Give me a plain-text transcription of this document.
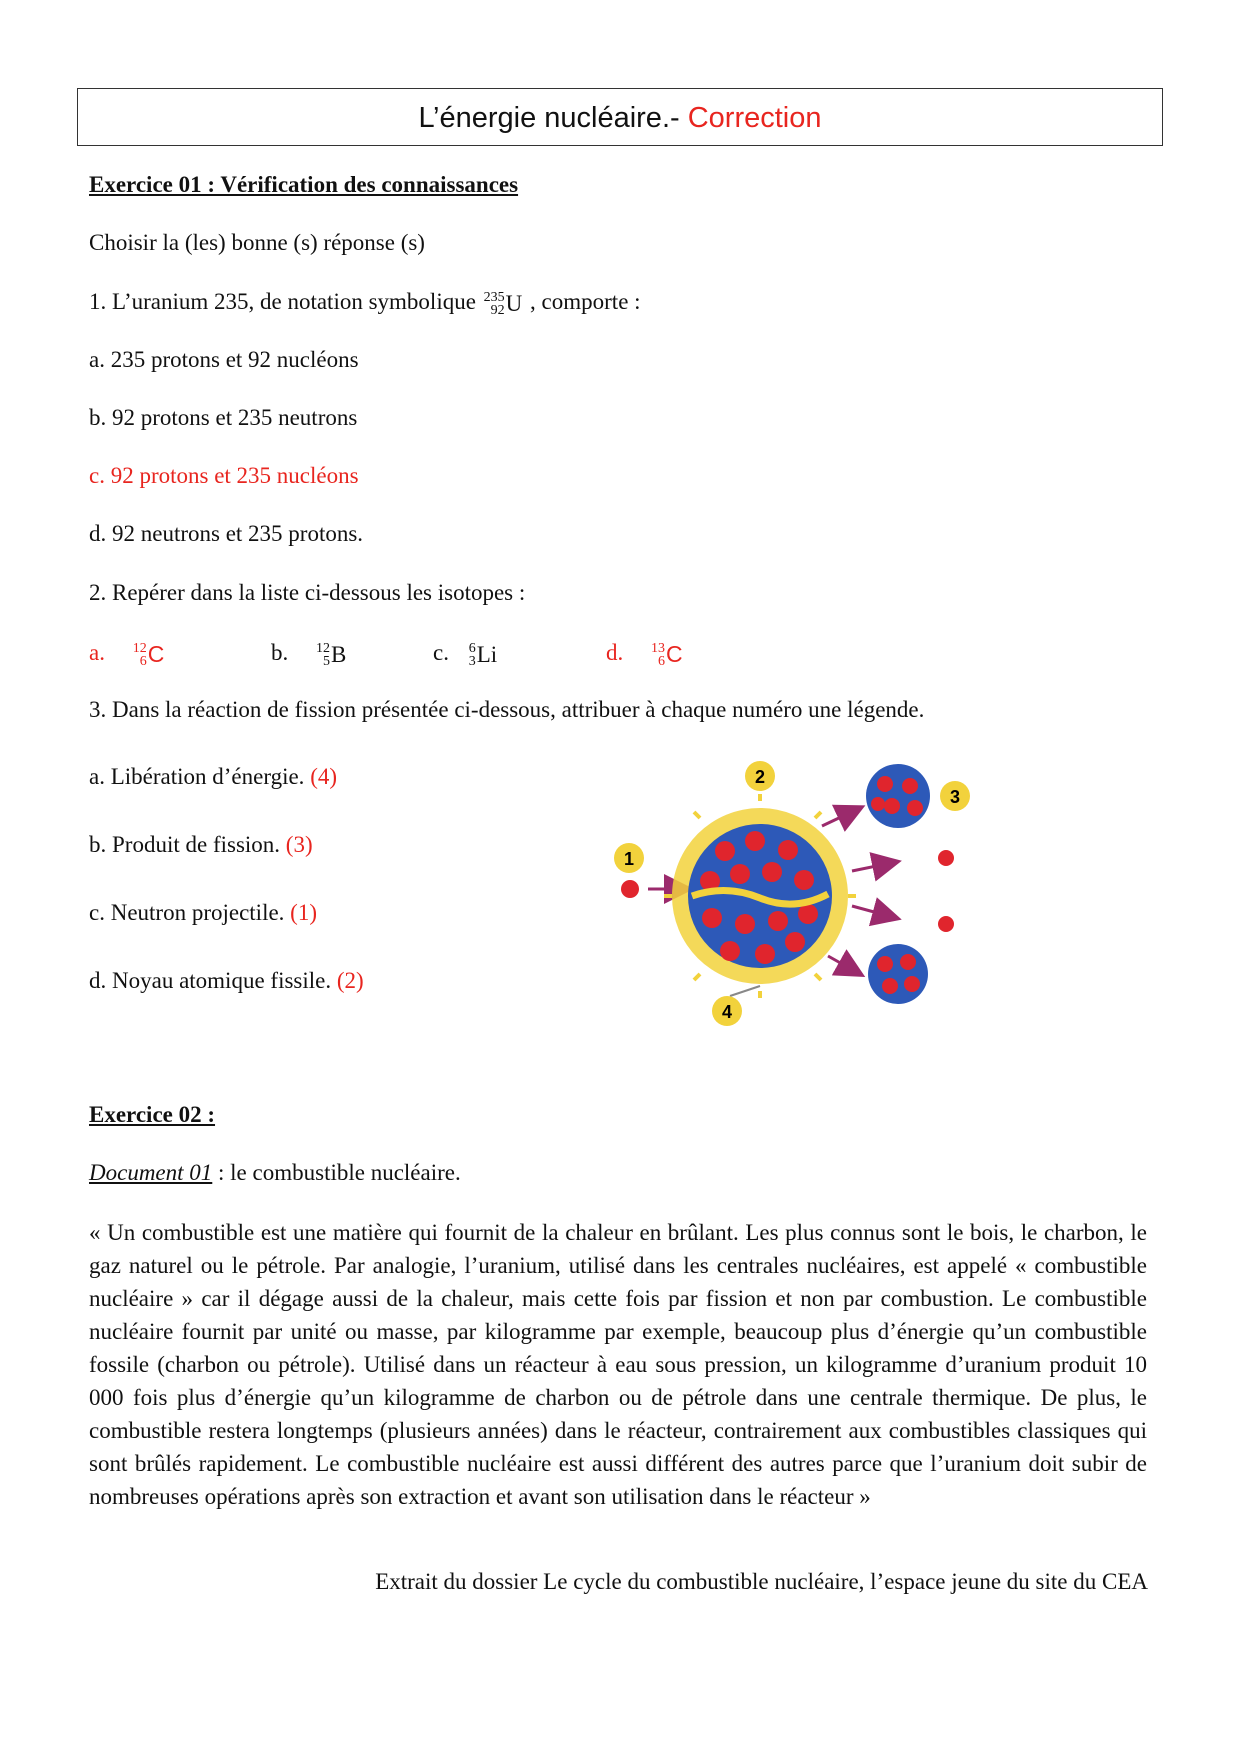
L’énergie nucléaire.- Correction
Exercice 01 : Vérification des connaissances
Choisir la (les) bonne (s) réponse (s)
1. L’uranium 235, de notation symbolique 235
92 U , comporte :
a. 235 protons et 92 nucléons
b. 92 protons et 235 neutrons
c. 92 protons et 235 nucléons
d. 92 neutrons et 235 protons.
2. Repérer dans la liste ci-dessous les isotopes :
a. 12
6 C	b. 12
5 B	c. 6
3 Li	d. 13
6 C
3. Dans la réaction de fission présentée ci-dessous, attribuer à chaque numéro une légende.
a. Libération d’énergie. (4)
b. Produit de fission. (3)
c. Neutron projectile. (1)
d. Noyau atomique fissile. (2)
1
2
3
4
Exercice 02 :
Document 01 : le combustible nucléaire.
« Un combustible est une matière qui fournit de la chaleur en brûlant. Les plus connus sont le bois, le charbon, le gaz naturel ou le pétrole. Par analogie, l’uranium, utilisé dans les centrales nucléaires, est appelé « combustible nucléaire » car il dégage aussi de la chaleur, mais cette fois par fission et non par combustion. Le combustible nucléaire fournit par unité ou masse, par kilogramme par exemple, beaucoup plus d’énergie qu’un combustible fossile (charbon ou pétrole). Utilisé dans un réacteur à eau sous pression, un kilogramme d’uranium produit 10 000 fois plus d’énergie qu’un kilogramme de charbon ou de pétrole dans une centrale thermique. De plus, le combustible restera longtemps (plusieurs années) dans le réacteur, contrairement aux combustibles classiques qui sont brûlés rapidement. Le combustible nucléaire est aussi différent des autres parce que l’uranium doit subir de nombreuses opérations après son extraction et avant son utilisation dans le réacteur »
Extrait du dossier Le cycle du combustible nucléaire, l’espace jeune du site du CEA
